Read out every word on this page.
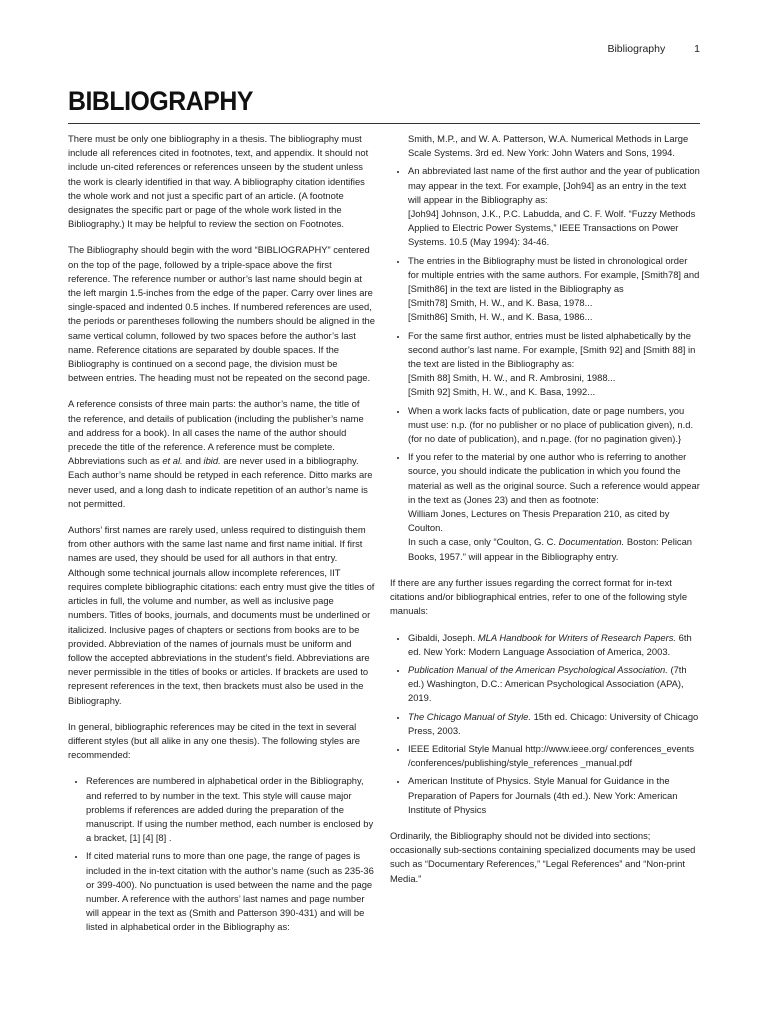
Bibliography	1
BIBLIOGRAPHY

There must be only one bibliography in a thesis. The bibliography must include all references cited in footnotes, text, and appendix. It should not include un-cited references or references unseen by the student unless the work is clearly identified in that way. A bibliography citation identifies the whole work and not just a specific part of an article. (A footnote designates the specific part or page of the whole work listed in the Bibliography.) It may be helpful to review the section on Footnotes.

The Bibliography should begin with the word “BIBLIOGRAPHY” centered on the top of the page, followed by a triple-space above the first reference. The reference number or author’s last name should begin at the left margin 1.5-inches from the edge of the paper. Carry over lines are single-spaced and indented 0.5 inches. If numbered references are used, the periods or parentheses following the numbers should be aligned in the same vertical column, followed by two spaces before the author’s last name. Reference citations are separated by double spaces. If the Bibliography is continued on a second page, the division must be between entries. The heading must not be repeated on the second page.

A reference consists of three main parts: the author’s name, the title of the reference, and details of publication (including the publisher’s name and address for a book). In all cases the name of the author should precede the title of the reference. A reference must be complete. Abbreviations such as et al. and ibid. are never used in a bibliography. Each author’s name should be retyped in each reference. Ditto marks are never used, and a long dash to indicate repetition of an author’s name is not permitted.

Authors’ first names are rarely used, unless required to distinguish them from other authors with the same last name and first name initial. If first names are used, they should be used for all authors in that entry. Although some technical journals allow incomplete references, IIT requires complete bibliographic citations: each entry must give the titles of articles in full, the volume and number, as well as inclusive page numbers. Titles of books, journals, and documents must be underlined or italicized. Inclusive pages of chapters or sections from books are to be provided. Abbreviation of the names of journals must be uniform and follow the accepted abbreviations in the student’s field. Abbreviations are never permissible in the titles of books or articles. If brackets are used to represent references in the text, then brackets must also be used in the Bibliography.

In general, bibliographic references may be cited in the text in several different styles (but all alike in any one thesis). The following styles are recommended:

• References are numbered in alphabetical order in the Bibliography, and referred to by number in the text. This style will cause major problems if references are added during the preparation of the manuscript. If using the number method, each number is enclosed by a bracket, [1] [4] [8] .
• If cited material runs to more than one page, the range of pages is included in the in-text citation with the author’s name (such as 235-36 or 399-400). No punctuation is used between the name and the page number. A reference with the authors’ last names and page number will appear in the text as (Smith and Patterson 390-431) and will be listed in alphabetical order in the Bibliography as:
Smith, M.P., and W. A. Patterson, W.A. Numerical Methods in Large Scale Systems. 3rd ed. New York: John Waters and Sons, 1994.
• An abbreviated last name of the first author and the year of publication may appear in the text. For example, [Joh94] as an entry in the text will appear in the Bibliography as:
[Joh94] Johnson, J.K., P.C. Labudda, and C. F. Wolf. “Fuzzy Methods Applied to Electric Power Systems,” IEEE Transactions on Power Systems. 10.5 (May 1994): 34-46.
• The entries in the Bibliography must be listed in chronological order for multiple entries with the same authors. For example, [Smith78] and [Smith86] in the text are listed in the Bibliography as
[Smith78] Smith, H. W., and K. Basa, 1978...
[Smith86] Smith, H. W., and K. Basa, 1986...
• For the same first author, entries must be listed alphabetically by the second author’s last name. For example, [Smith 92] and [Smith 88] in the text are listed in the Bibliography as:
[Smith 88] Smith, H. W., and R. Ambrosini, 1988...
[Smith 92] Smith, H. W., and K. Basa, 1992...
• When a work lacks facts of publication, date or page numbers, you must use: n.p. (for no publisher or no place of publication given), n.d. (for no date of publication), and n.page. (for no pagination given).}
• If you refer to the material by one author who is referring to another source, you should indicate the publication in which you found the material as well as the original source. Such a reference would appear in the text as (Jones 23) and then as footnote:
William Jones, Lectures on Thesis Preparation 210, as cited by Coulton.
In such a case, only “Coulton, G. C. Documentation. Boston: Pelican Books, 1957.” will appear in the Bibliography entry.

If there are any further issues regarding the correct format for in-text citations and/or bibliographical entries, refer to one of the following style manuals:

• Gibaldi, Joseph. MLA Handbook for Writers of Research Papers. 6th ed. New York: Modern Language Association of America, 2003.
• Publication Manual of the American Psychological Association. (7th ed.) Washington, D.C.: American Psychological Association (APA), 2019.
• The Chicago Manual of Style. 15th ed. Chicago: University of Chicago Press, 2003.
• IEEE Editorial Style Manual http://www.ieee.org/ conferences_events /conferences/publishing/style_references _manual.pdf
• American Institute of Physics. Style Manual for Guidance in the Preparation of Papers for Journals (4th ed.). New York: American Institute of Physics

Ordinarily, the Bibliography should not be divided into sections; occasionally sub-sections containing specialized documents may be used such as “Documentary References,” “Legal References” and “Non-print Media.”
